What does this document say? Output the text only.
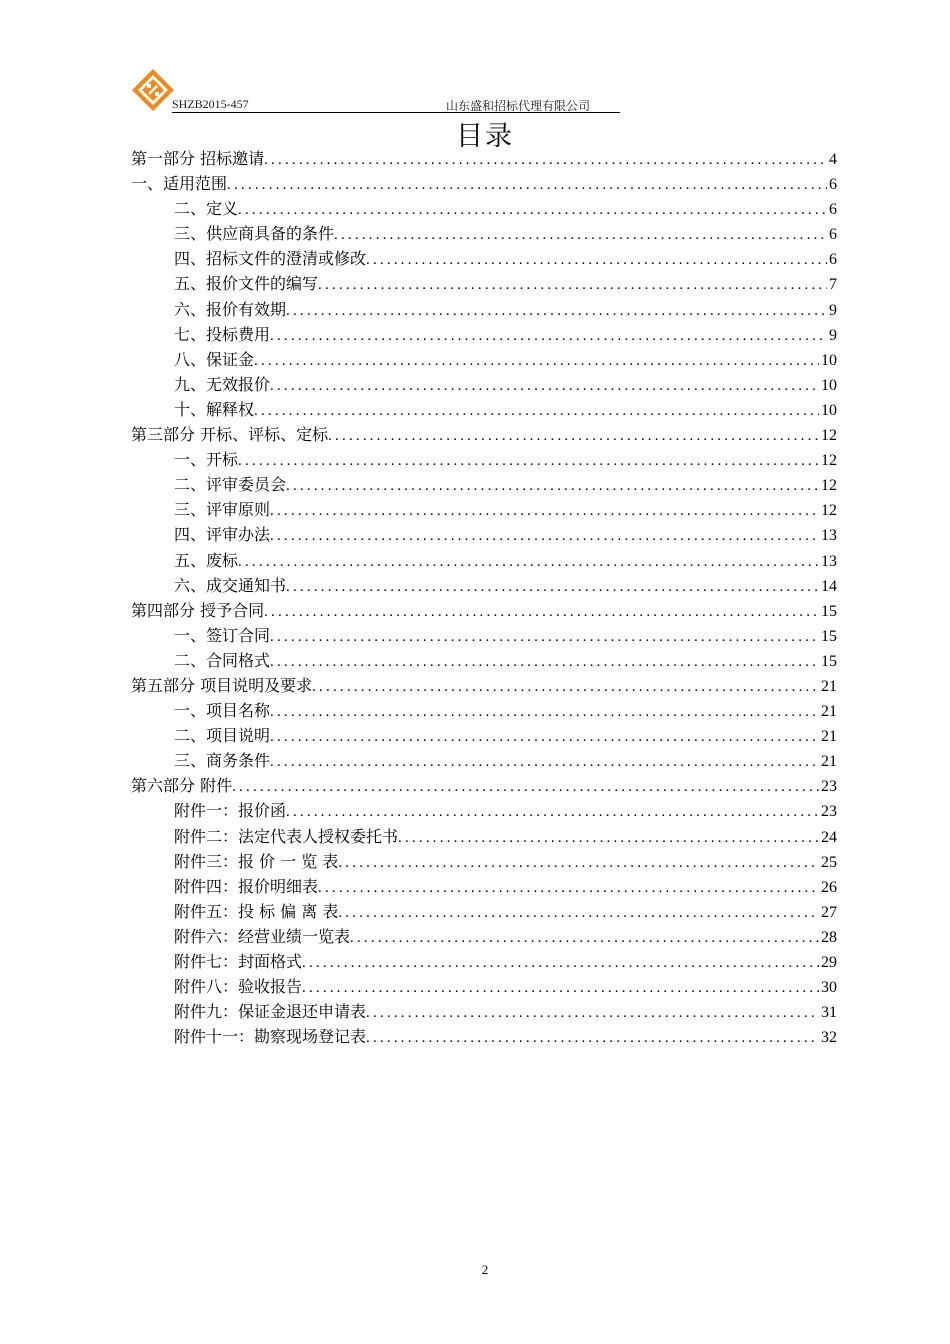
SHZB2015-457	山东盛和招标代理有限公司
目录
第一部分 招标邀请 .....	4
一、适用范围 .....	6
二、定义 .....	6
三、供应商具备的条件 .....	6
四、招标文件的澄清或修改 .....	6
五、报价文件的编写 .....	7
六、报价有效期 .....	9
七、投标费用 .....	9
八、保证金 .....	10
九、无效报价 .....	10
十、解释权 .....	10
第三部分 开标、评标、定标 .....	12
一、开标 .....	12
二、评审委员会 .....	12
三、评审原则 .....	12
四、评审办法 .....	13
五、废标 .....	13
六、成交通知书 .....	14
第四部分 授予合同 .....	15
一、签订合同 .....	15
二、合同格式 .....	15
第五部分 项目说明及要求 .....	21
一、项目名称 .....	21
二、项目说明 .....	21
三、商务条件 .....	21
第六部分 附件 .....	23
附件一：报价函 .....	23
附件二：法定代表人授权委托书 .....	24
附件三：报 价 一 览 表 .....	25
附件四：报价明细表 .....	26
附件五：投 标 偏 离 表 .....	27
附件六：经营业绩一览表 .....	28
附件七：封面格式 .....	29
附件八：验收报告 .....	30
附件九：保证金退还申请表 .....	31
附件十一：勘察现场登记表 .....	32
2
